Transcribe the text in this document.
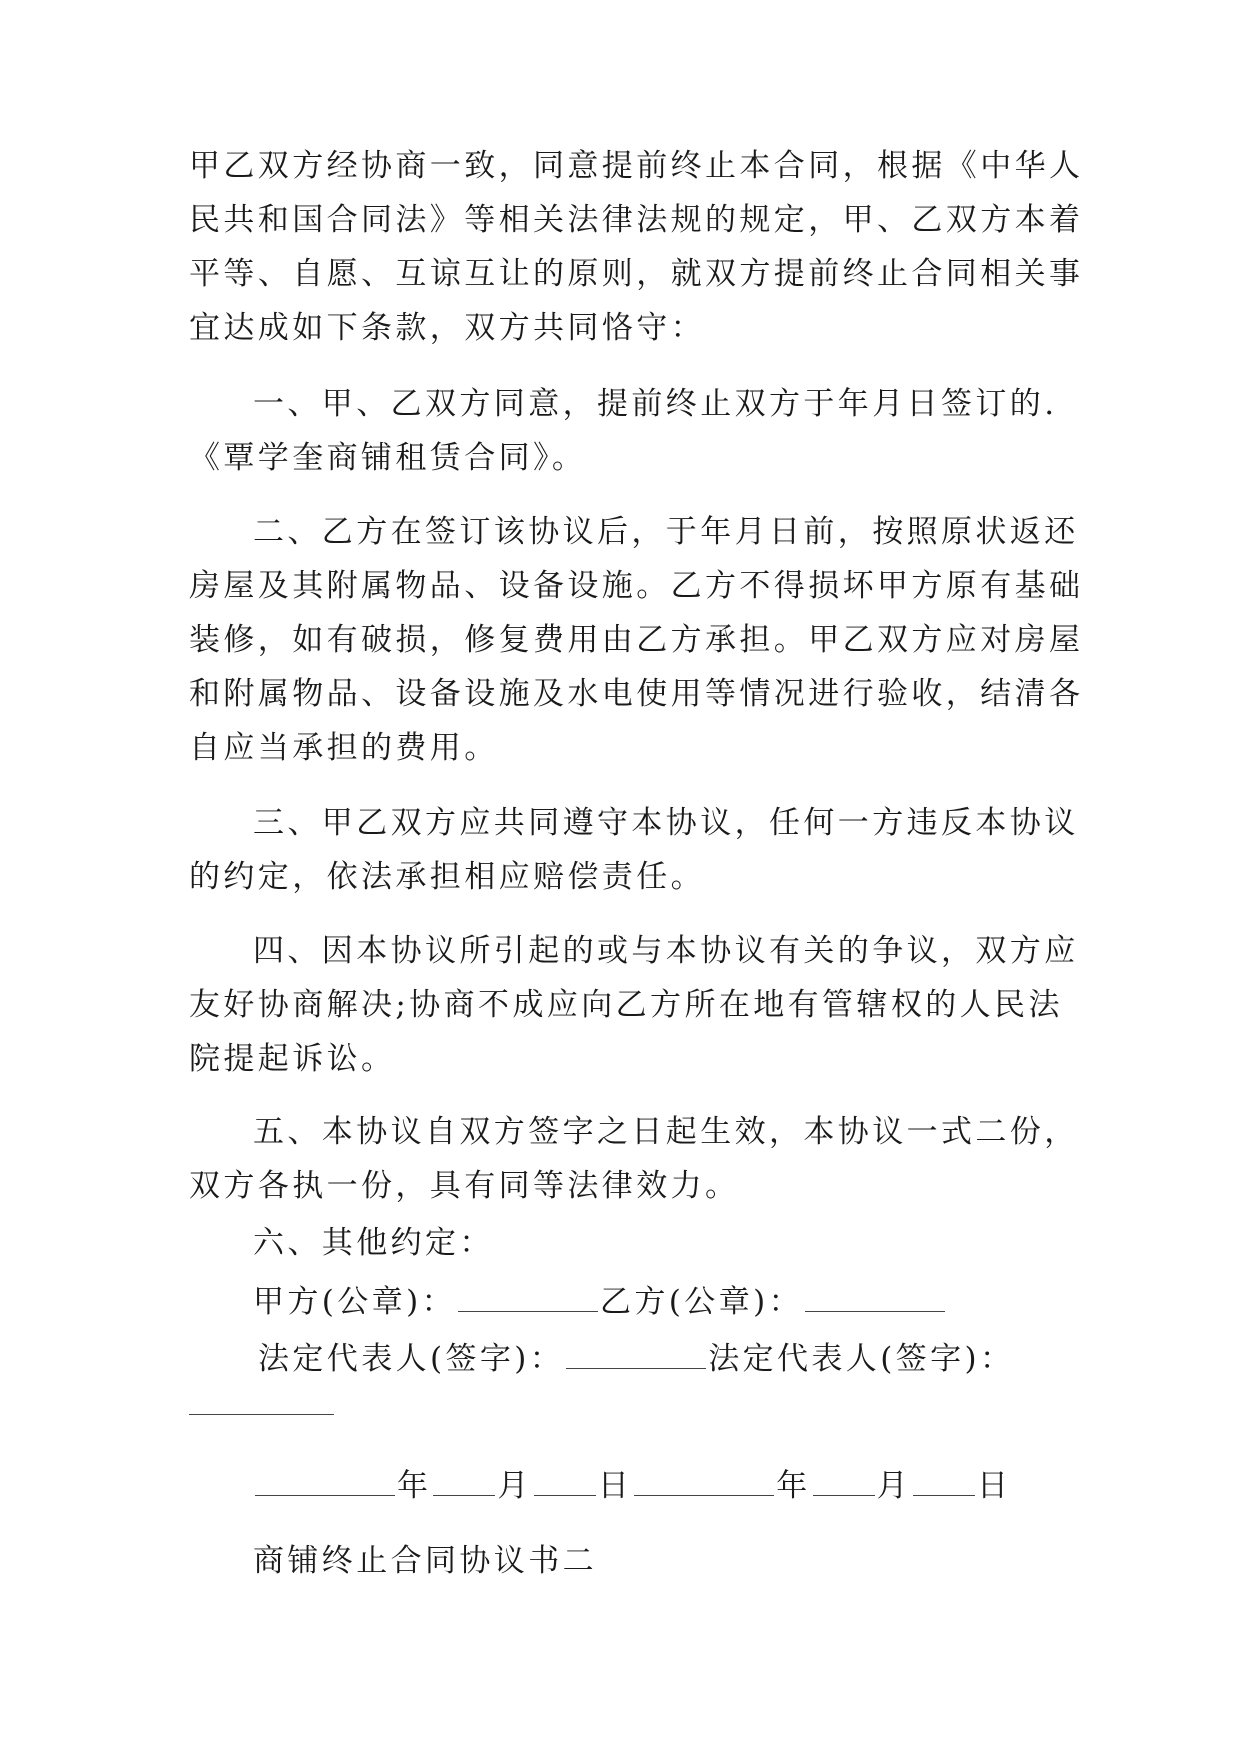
甲乙双方经协商一致，同意提前终止本合同，根据《中华人

民共和国合同法》等相关法律法规的规定，甲、乙双方本着

平等、自愿、互谅互让的原则，就双方提前终止合同相关事

宜达成如下条款，双方共同恪守：

一、甲、乙双方同意，提前终止双方于年月日签订的.

《覃学奎商铺租赁合同》。

二、乙方在签订该协议后，于年月日前，按照原状返还

房屋及其附属物品、设备设施。乙方不得损坏甲方原有基础

装修，如有破损，修复费用由乙方承担。甲乙双方应对房屋

和附属物品、设备设施及水电使用等情况进行验收，结清各

自应当承担的费用。

三、甲乙双方应共同遵守本协议，任何一方违反本协议

的约定，依法承担相应赔偿责任。

四、因本协议所引起的或与本协议有关的争议，双方应

友好协商解决;协商不成应向乙方所在地有管辖权的人民法

院提起诉讼。

五、本协议自双方签字之日起生效，本协议一式二份，

双方各执一份，具有同等法律效力。

六、其他约定：

甲方(公章)：	乙方(公章)：

法定代表人(签字)：	法定代表人(签字)：

年 月 日	年 月 日

商铺终止合同协议书二
